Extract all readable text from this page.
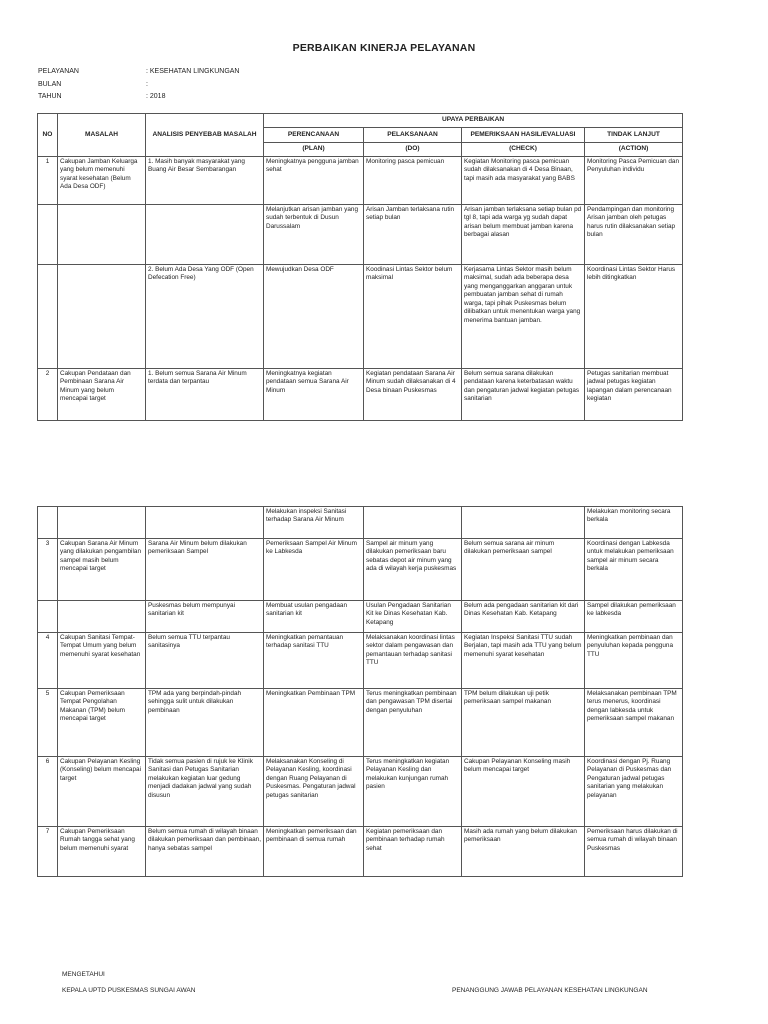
PERBAIKAN KINERJA PELAYANAN
PELAYANAN	: KESEHATAN LINGKUNGAN
BULAN	:
TAHUN	: 2018
NO	MASALAH	ANALISIS PENYEBAB MASALAH	UPAYA PERBAIKAN			
			PERENCANAAN	PELAKSANAAN	PEMERIKSAAN HASIL/EVALUASI	TINDAK LANJUT
			(PLAN)	(DO)	(CHECK)	(ACTION)
1	Cakupan Jamban Keluarga yang belum memenuhi syarat kesehatan (Belum Ada Desa ODF)	1. Masih banyak masyarakat yang Buang Air Besar Sembarangan	Meningkatnya pengguna jamban sehat	Monitoring pasca pemicuan	Kegiatan Monitoring pasca pemicuan sudah dilaksanakan di 4 Desa Binaan, tapi masih ada masyarakat yang BABS	Monitoring Pasca Pemicuan dan Penyuluhan individu
			Melanjutkan arisan jamban yang sudah terbentuk di Dusun Darussalam	Arisan Jamban terlaksana rutin setiap bulan	Arisan jamban terlaksana setiap bulan pd tgl 8, tapi ada warga yg sudah dapat arisan belum membuat jamban karena berbagai alasan	Pendampingan dan monitoring Arisan jamban oleh petugas harus rutin dilaksanakan setiap bulan
		2. Belum Ada Desa Yang ODF (Open Defecation Free)	Mewujudkan Desa ODF	Koodinasi Lintas Sektor belum maksimal	Kerjasama Lintas Sektor masih belum maksimal, sudah ada beberapa desa yang menganggarkan anggaran untuk pembuatan jamban sehat di rumah warga, tapi pihak Puskesmas belum dilibatkan untuk menentukan warga yang menerima bantuan jamban.	Koordinasi Lintas Sektor Harus lebih ditingkatkan
2	Cakupan Pendataan dan Pembinaan Sarana Air Minum yang belum mencapai target	1. Belum semua Sarana Air Minum terdata dan terpantau	Meningkatnya kegiatan pendataan semua Sarana Air Minum	Kegiatan pendataan Sarana Air Minum sudah dilaksanakan di 4 Desa binaan Puskesmas	Belum semua sarana dilakukan pendataan karena keterbatasan waktu dan pengaturan jadwal kegiatan petugas sanitarian	Petugas sanitarian membuat jadwal petugas kegiatan lapangan dalam perencanaan kegiatan
			Melakukan inspeksi Sanitasi terhadap Sarana Air Minum			Melakukan monitoring secara berkala
3	Cakupan Sarana Air Minum yang dilakukan pengambilan sampel masih belum mencapai target	Sarana Air Minum belum dilakukan pemeriksaan Sampel	Pemeriksaan Sampel Air Minum ke Labkesda	Sampel air minum yang dilakukan pemeriksaan baru sebatas depot air minum yang ada di wilayah kerja puskesmas	Belum semua sarana air minum dilakukan pemeriksaan sampel	Koordinasi dengan Labkesda untuk melakukan pemeriksaan sampel air minum secara berkala
		Puskesmas belum mempunyai sanitarian kit	Membuat usulan pengadaan sanitarian kit	Usulan Pengadaan Sanitarian Kit ke Dinas Kesehatan Kab. Ketapang	Belum ada pengadaan sanitarian kit dari Dinas Kesehatan Kab. Ketapang	Sampel dilakukan pemeriksaan ke labkesda
4	Cakupan Sanitasi Tempat-Tempat Umum yang belum memenuhi syarat kesehatan	Belum semua TTU terpantau sanitasinya	Meningkatkan pemantauan terhadap sanitasi TTU	Melaksanakan koordinasi lintas sektor dalam pengawasan dan pemantauan terhadap sanitasi TTU	Kegiatan Inspeksi Sanitasi TTU sudah Berjalan, tapi masih ada TTU yang belum memenuhi syarat kesehatan	Meningkatkan pembinaan dan penyuluhan kepada pengguna TTU
5	Cakupan Pemeriksaan Tempat Pengolahan Makanan (TPM) belum mencapai target	TPM ada yang berpindah-pindah sehingga sulit untuk dilakukan pembinaan	Meningkatkan Pembinaan TPM	Terus meningkatkan pembinaan dan pengawasan TPM disertai dengan penyuluhan	TPM belum dilakukan uji petik pemeriksaan sampel makanan	Melaksanakan pembinaan TPM terus menerus, koordinasi dengan labkesda untuk pemeriksaan sampel makanan
6	Cakupan Pelayanan Kesling (Konseling) belum mencapai target	Tidak semua pasien di rujuk ke Klinik Sanitasi dan Petugas Sanitarian melakukan kegiatan luar gedung menjadi dadakan jadwal yang sudah disusun	Melaksanakan Konseling di Pelayanan Kesling, koordinasi dengan Ruang Pelayanan di Puskesmas. Pengaturan jadwal petugas sanitarian	Terus meningkatkan kegiatan Pelayanan Kesling dan melakukan kunjungan rumah pasien	Cakupan Pelayanan Konseling masih belum mencapai target	Koordinasi dengan Pj. Ruang Pelayanan di Puskesmas dan Pengaturan jadwal petugas sanitarian yang melakukan pelayanan
7	Cakupan Pemeriksaan Rumah tangga sehat yang belum memenuhi syarat	Belum semua rumah di wilayah binaan dilakukan pemeriksaan dan pembinaan, hanya sebatas sampel	Meningkatkan pemeriksaan dan pembinaan di semua rumah	Kegiatan pemeriksaan dan pembinaan terhadap rumah sehat	Masih ada rumah yang belum dilakukan pemeriksaan	Pemeriksaan harus dilakukan di semua rumah di wilayah binaan Puskesmas
MENGETAHUI
KEPALA UPTD PUSKESMAS SUNGAI AWAN	PENANGGUNG JAWAB PELAYANAN KESEHATAN LINGKUNGAN
